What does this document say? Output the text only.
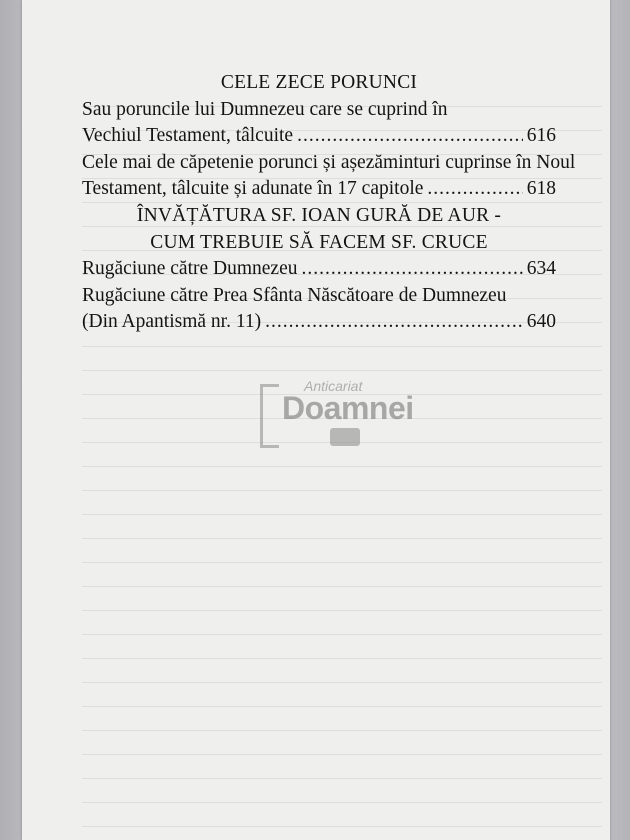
Anticariat
Doamnei
CELE ZECE PORUNCI
Sau poruncile lui Dumnezeu care se cuprind în
Vechiul Testament, tâlcuite .....	616
Cele mai de căpetenie porunci și așezăminturi cuprinse în Noul
Testament, tâlcuite și adunate în 17 capitole .....	618
ÎNVĂȚĂTURA SF. IOAN GURĂ DE AUR -
CUM TREBUIE SĂ FACEM SF. CRUCE
Rugăciune către Dumnezeu .....	634
Rugăciune către Prea Sfânta Născătoare de Dumnezeu
(Din Apantismă nr. 11) .....	640
